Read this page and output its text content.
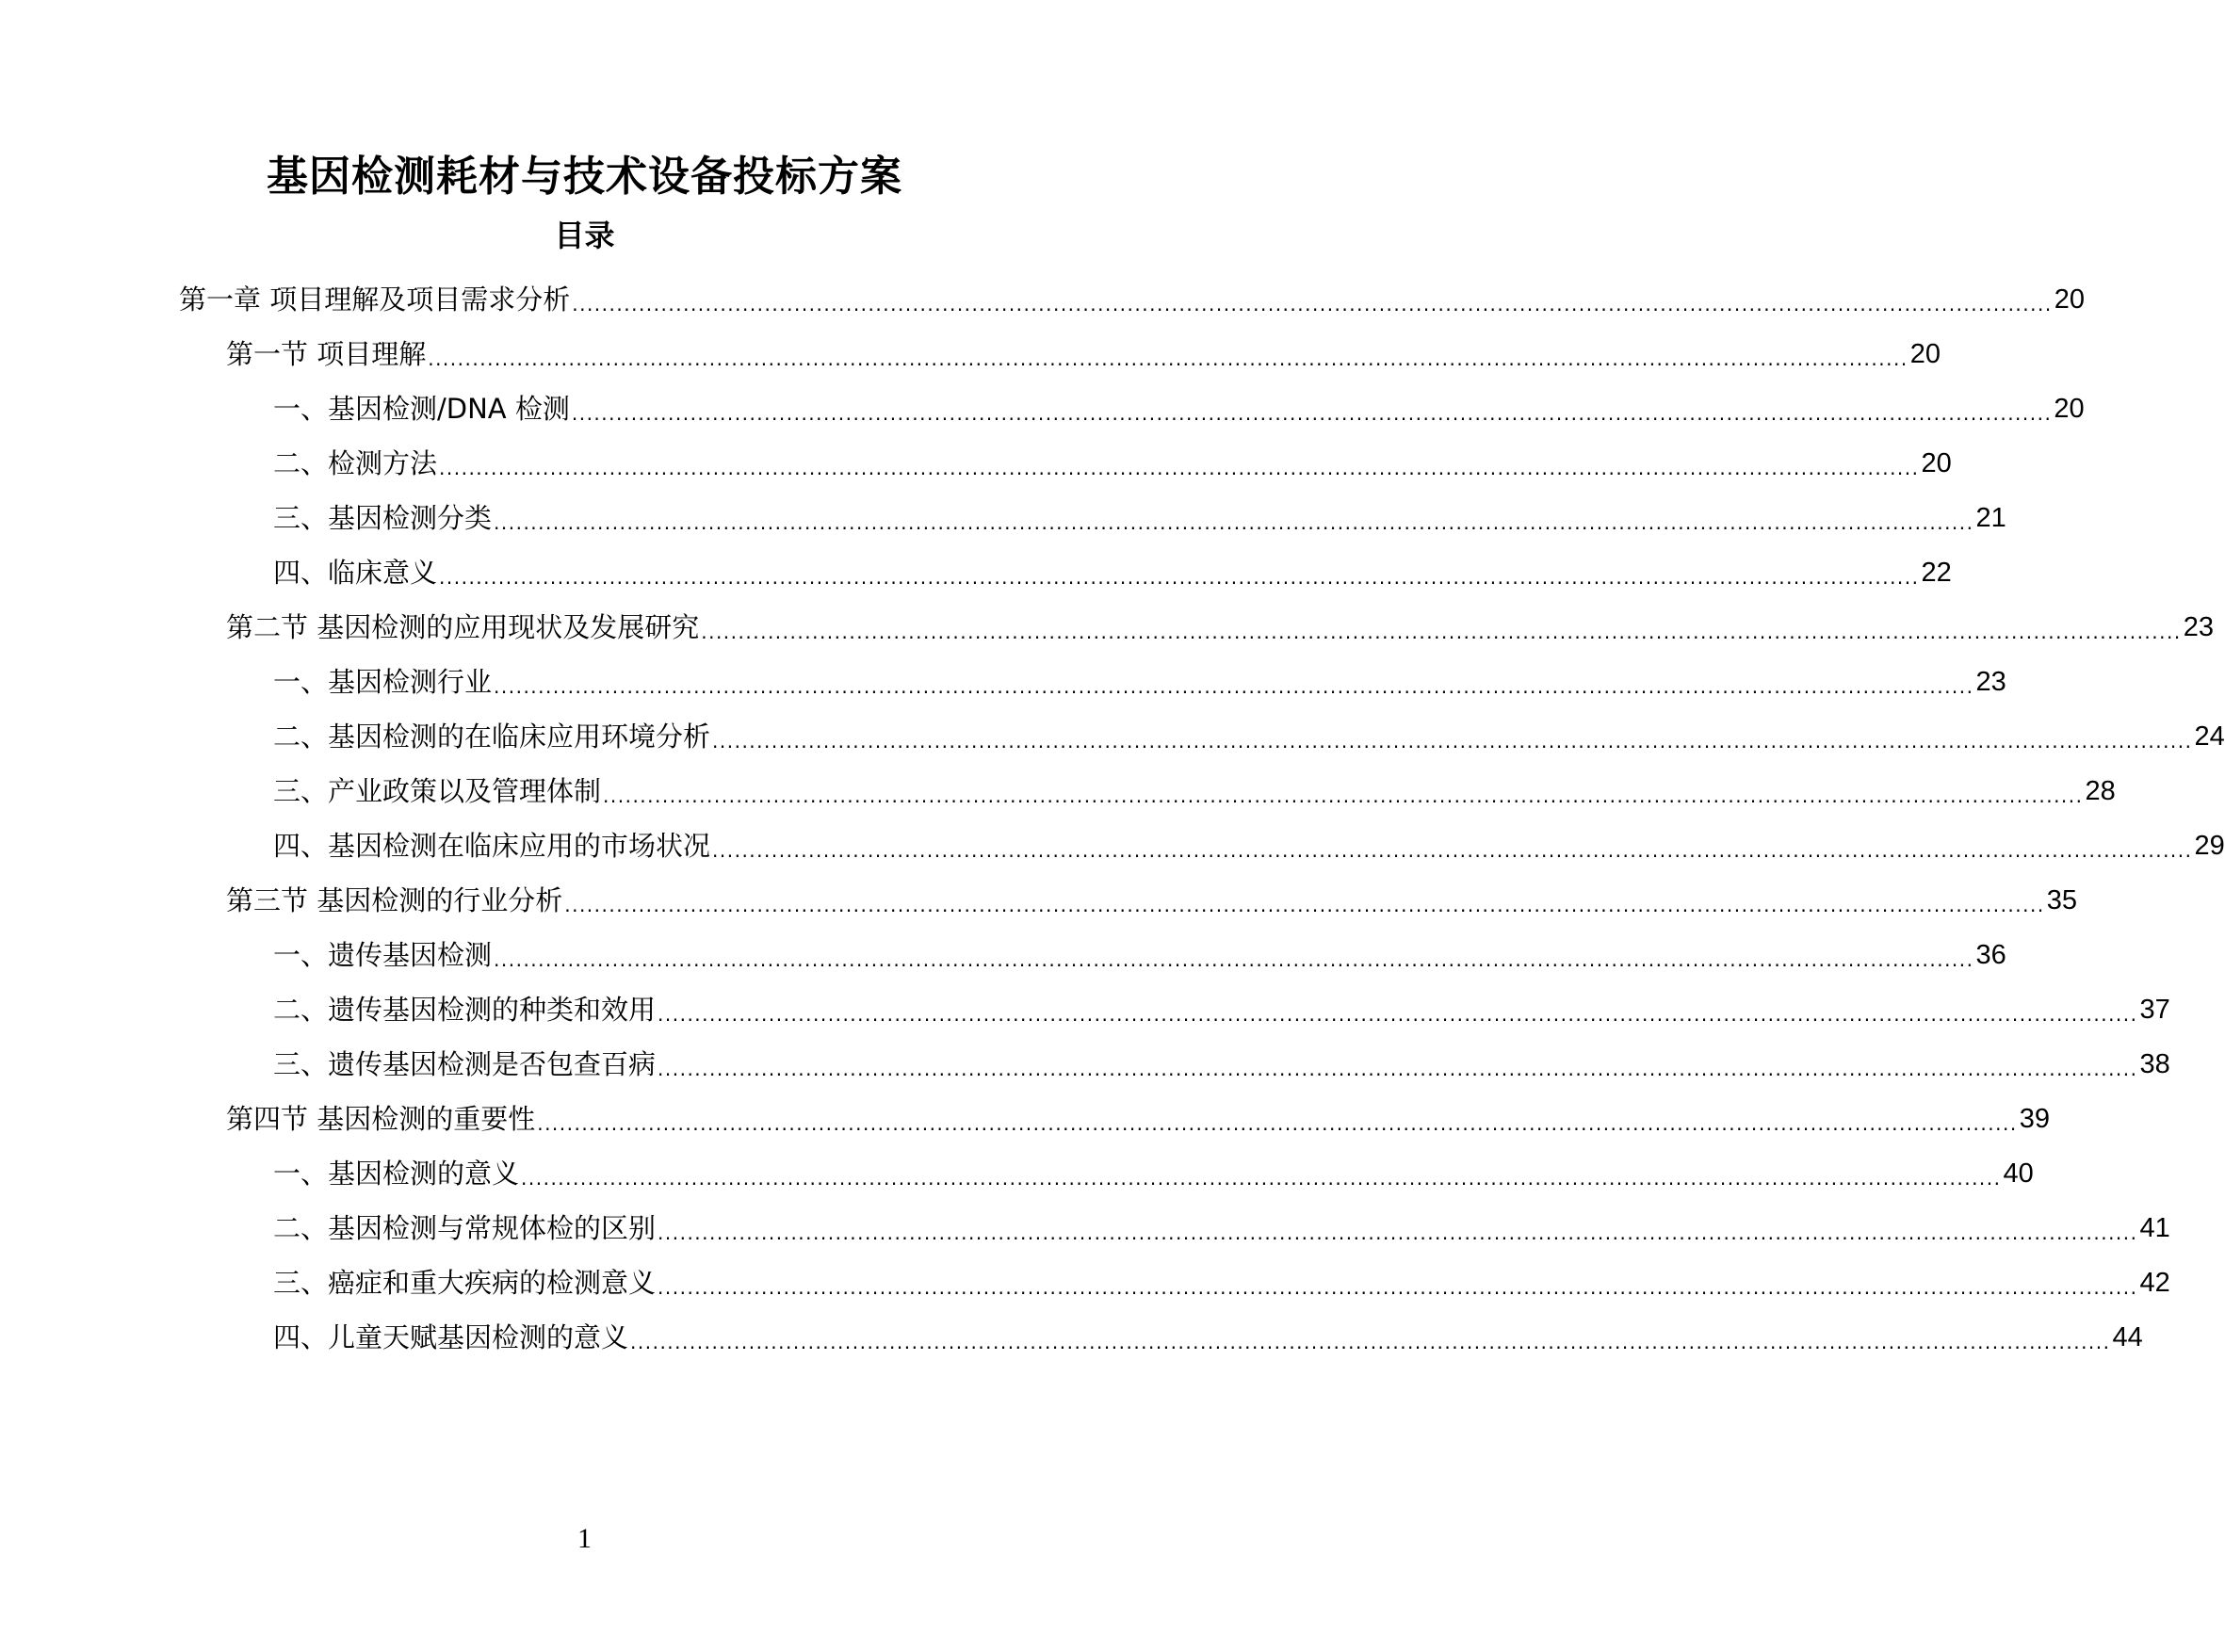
基因检测耗材与技术设备投标方案
目录
第一章 项目理解及项目需求分析 ........................................................................................................................................................................................................ 20
第一节 项目理解 ........................................................................................................................................................................................................ 20
一、基因检测/DNA 检测 ........................................................................................................................................................................................................ 20
二、检测方法 ........................................................................................................................................................................................................ 20
三、基因检测分类 ........................................................................................................................................................................................................ 21
四、临床意义 ........................................................................................................................................................................................................ 22
第二节 基因检测的应用现状及发展研究 ........................................................................................................................................................................................................ 23
一、基因检测行业 ........................................................................................................................................................................................................ 23
二、基因检测的在临床应用环境分析 ........................................................................................................................................................................................................ 24
三、产业政策以及管理体制 ........................................................................................................................................................................................................ 28
四、基因检测在临床应用的市场状况 ........................................................................................................................................................................................................ 29
第三节 基因检测的行业分析 ........................................................................................................................................................................................................ 35
一、遗传基因检测 ........................................................................................................................................................................................................ 36
二、遗传基因检测的种类和效用 ........................................................................................................................................................................................................ 37
三、遗传基因检测是否包查百病 ........................................................................................................................................................................................................ 38
第四节 基因检测的重要性 ........................................................................................................................................................................................................ 39
一、基因检测的意义 ........................................................................................................................................................................................................ 40
二、基因检测与常规体检的区别 ........................................................................................................................................................................................................ 41
三、癌症和重大疾病的检测意义 ........................................................................................................................................................................................................ 42
四、儿童天赋基因检测的意义 ........................................................................................................................................................................................................ 44
1
